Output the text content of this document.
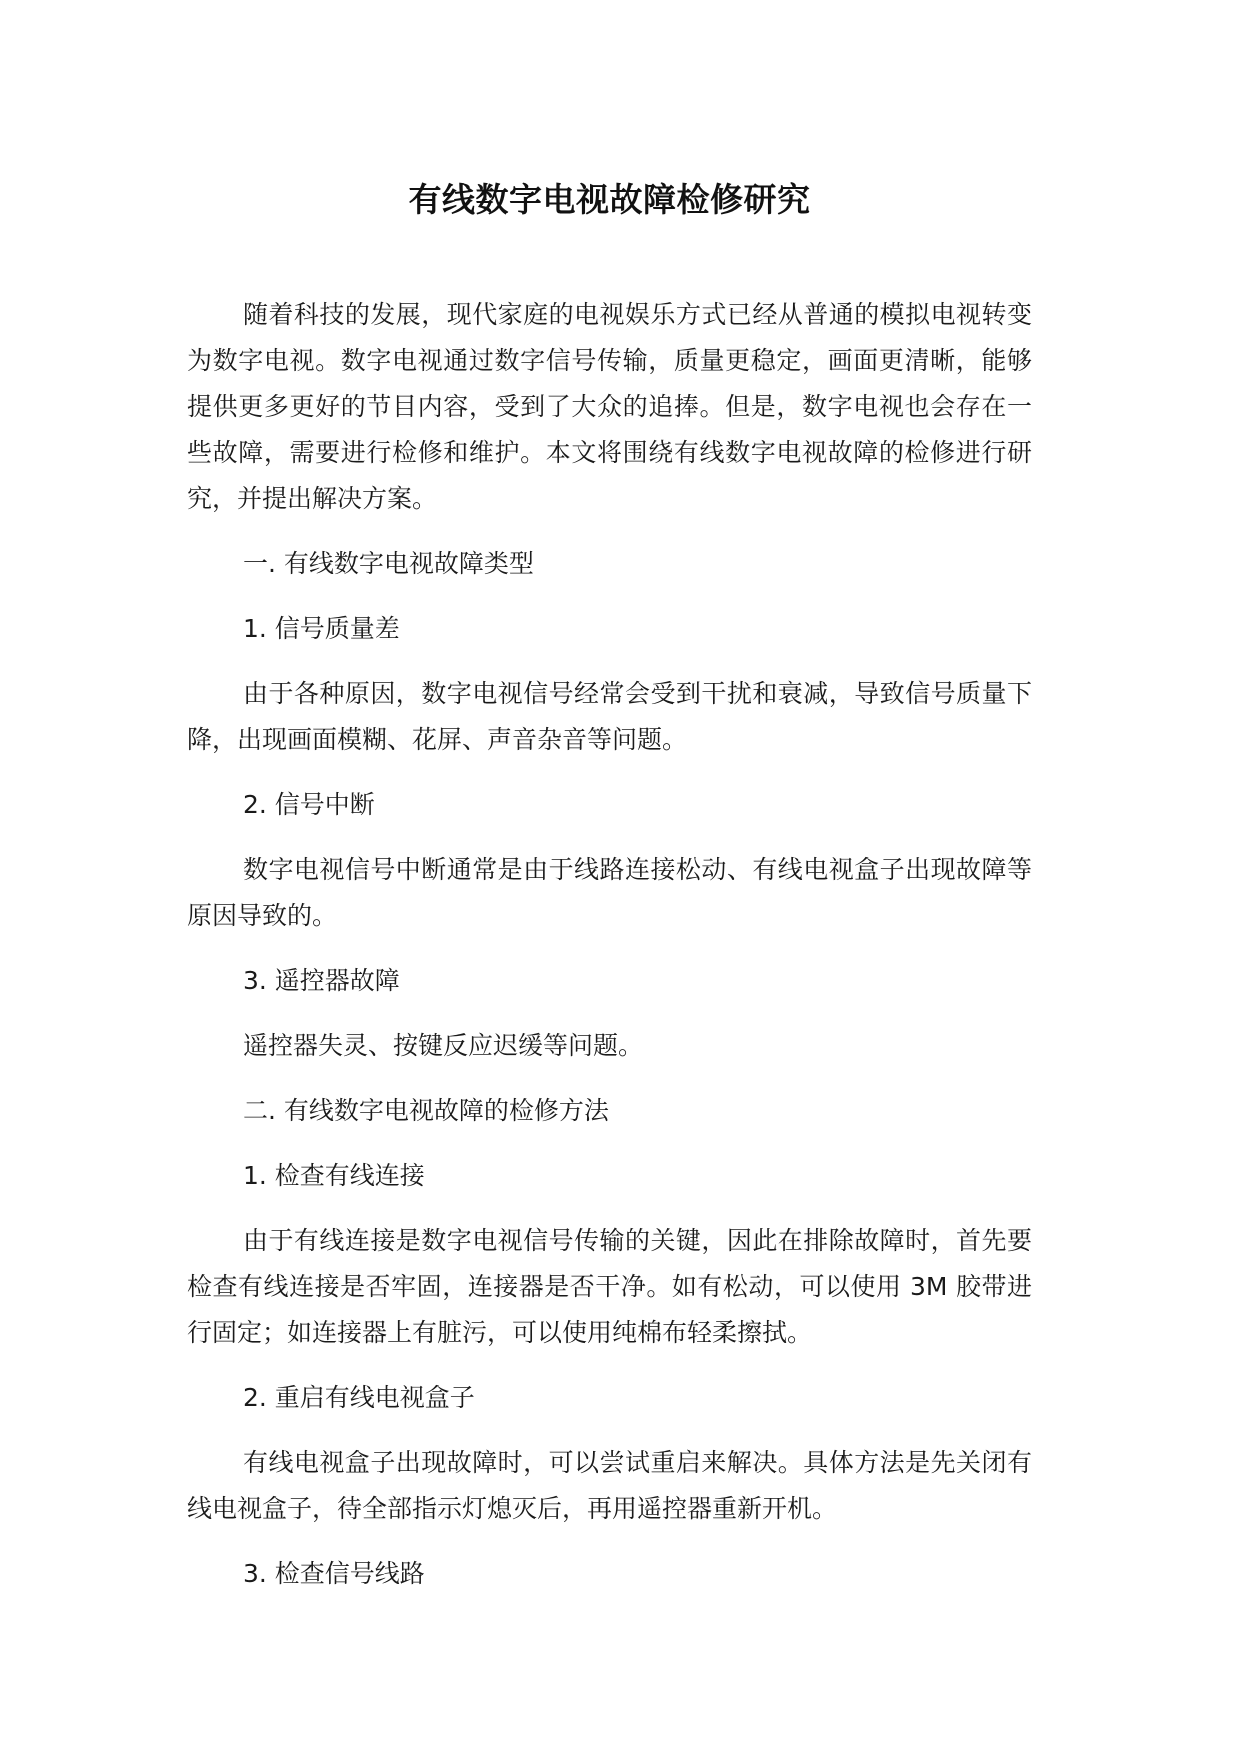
有线数字电视故障检修研究

随着科技的发展，现代家庭的电视娱乐方式已经从普通的模拟电视转变为数字电视。数字电视通过数字信号传输，质量更稳定，画面更清晰，能够提供更多更好的节目内容，受到了大众的追捧。但是，数字电视也会存在一些故障，需要进行检修和维护。本文将围绕有线数字电视故障的检修进行研究，并提出解决方案。

一. 有线数字电视故障类型

1. 信号质量差

由于各种原因，数字电视信号经常会受到干扰和衰减，导致信号质量下降，出现画面模糊、花屏、声音杂音等问题。

2. 信号中断

数字电视信号中断通常是由于线路连接松动、有线电视盒子出现故障等原因导致的。

3. 遥控器故障

遥控器失灵、按键反应迟缓等问题。

二. 有线数字电视故障的检修方法

1. 检查有线连接

由于有线连接是数字电视信号传输的关键，因此在排除故障时，首先要检查有线连接是否牢固，连接器是否干净。如有松动，可以使用 3M 胶带进行固定；如连接器上有脏污，可以使用纯棉布轻柔擦拭。

2. 重启有线电视盒子

有线电视盒子出现故障时，可以尝试重启来解决。具体方法是先关闭有线电视盒子，待全部指示灯熄灭后，再用遥控器重新开机。

3. 检查信号线路
